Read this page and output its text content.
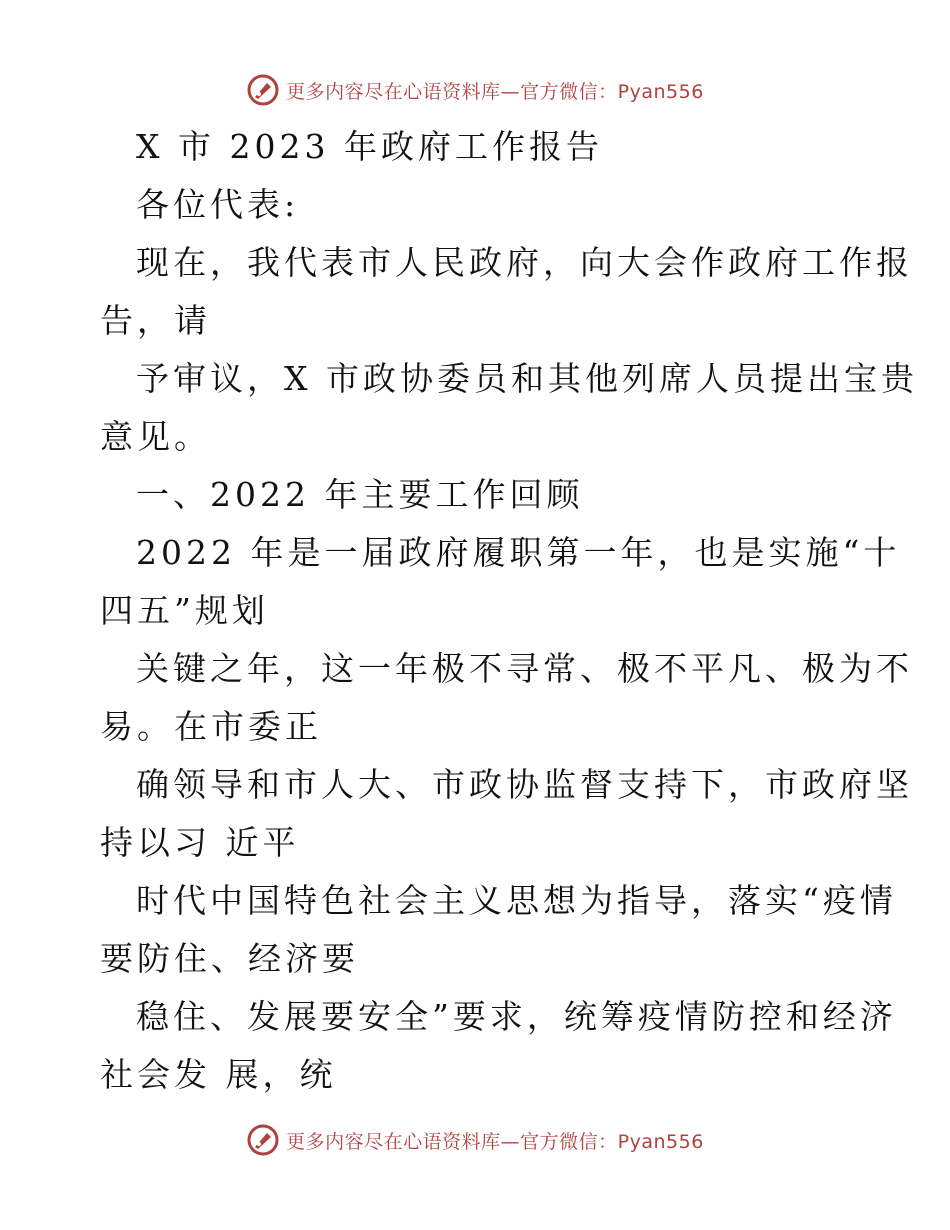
更多内容尽在心语资料库—官方微信：Pyan556
X 市 2023 年政府工作报告
各位代表:
现在，我代表市人民政府，向大会作政府工作报
告，请
予审议，X 市政协委员和其他列席人员提出宝贵
意见。
一、2022 年主要工作回顾
2022 年是一届政府履职第一年，也是实施“十
四五”规划
关键之年，这一年极不寻常、极不平凡、极为不
易。在市委正
确领导和市人大、市政协监督支持下，市政府坚
持以习 近平
时代中国特色社会主义思想为指导，落实“疫情
要防住、经济要
稳住、发展要安全”要求，统筹疫情防控和经济
社会发 展，统
更多内容尽在心语资料库—官方微信：Pyan556
